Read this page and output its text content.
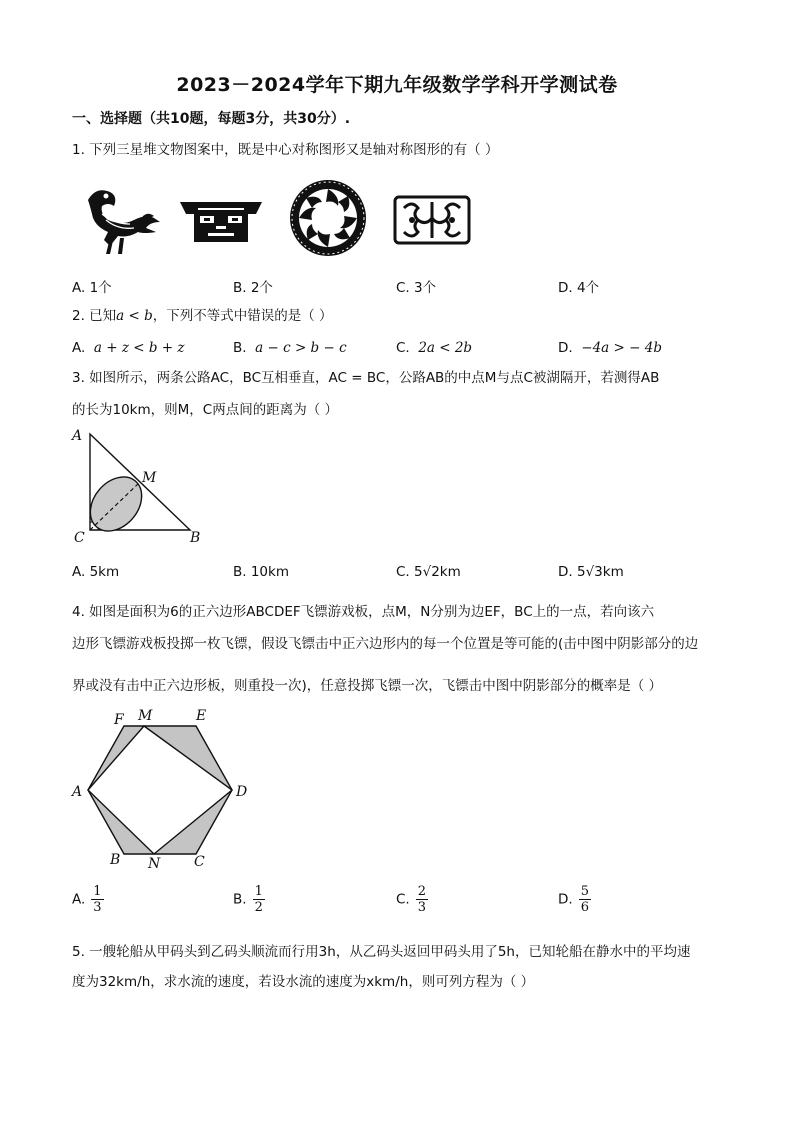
2023－2024学年下期九年级数学学科开学测试卷
一、选择题（共10题，每题3分，共30分）.
1. 下列三星堆文物图案中，既是中心对称图形又是轴对称图形的有（ ）
A. 1个	B. 2个	C. 3个	D. 4个
2. 已知a < b，下列不等式中错误的是（ ）
A. a + z < b + z	B. a − c > b − c	C. 2a < 2b	D. −4a > − 4b
3. 如图所示，两条公路AC，BC互相垂直，AC = BC，公路AB的中点M与点C被湖隔开，若测得AB
的长为10km，则M，C两点间的距离为（ ）
A
M
C	B
A. 5km	B. 10km	C. 5√2km	D. 5√3km
4. 如图是面积为6的正六边形ABCDEF飞镖游戏板，点M，N分别为边EF，BC上的一点，若向该六
边形飞镖游戏板投掷一枚飞镖，假设飞镖击中正六边形内的每一个位置是等可能的(击中图中阴影部分的边
界或没有击中正六边形板，则重投一次)，任意投掷飞镖一次，飞镖击中图中阴影部分的概率是（ ）
F M	E
A	D
B N C
A. $\frac{1}{3}$	B. $\frac{1}{2}$	C. $\frac{2}{3}$	D. $\frac{5}{6}$
5. 一艘轮船从甲码头到乙码头顺流而行用3h，从乙码头返回甲码头用了5h，已知轮船在静水中的平均速
度为32km/h，求水流的速度，若设水流的速度为xkm/h，则可列方程为（ ）
